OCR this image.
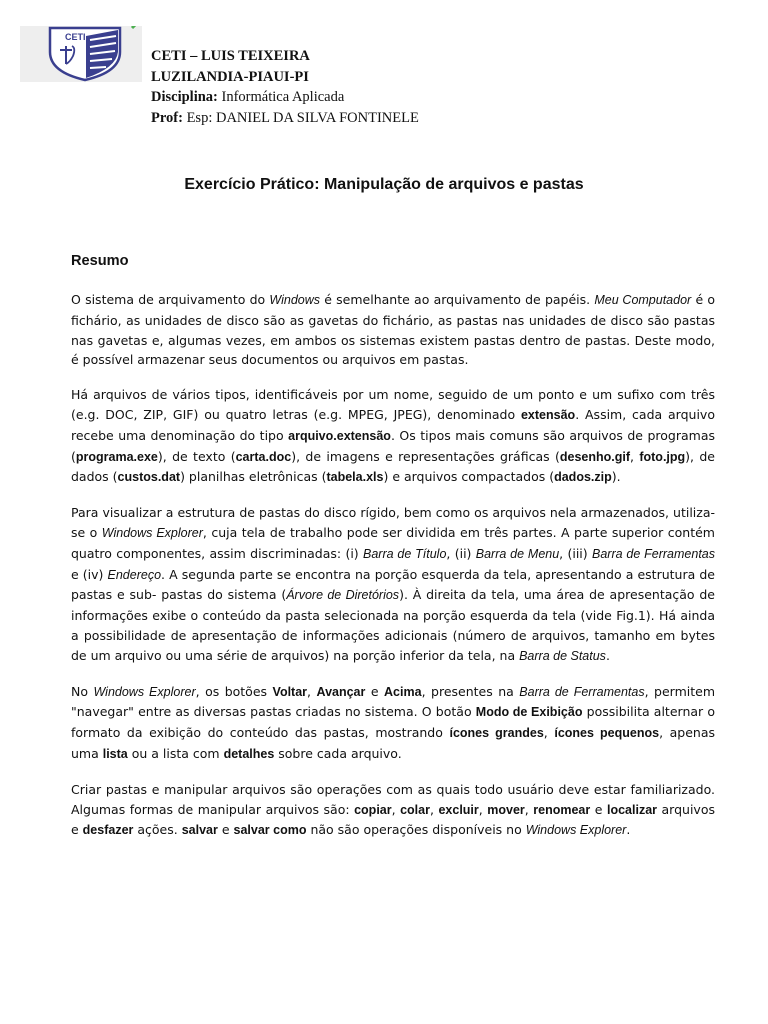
CETI
CETI – LUIS TEIXEIRA
LUZILANDIA-PIAUI-PI
Disciplina: Informática Aplicada
Prof: Esp: DANIEL DA SILVA FONTINELE
Exercício Prático: Manipulação de arquivos e pastas
Resumo

O sistema de arquivamento do Windows é semelhante ao arquivamento de papéis. Meu Computador é o fichário, as unidades de disco são as gavetas do fichário, as pastas nas unidades de disco são pastas nas gavetas e, algumas vezes, em ambos os sistemas existem pastas dentro de pastas. Deste modo, é possível armazenar seus documentos ou arquivos em pastas.

Há arquivos de vários tipos, identificáveis por um nome, seguido de um ponto e um sufixo com três (e.g. DOC, ZIP, GIF) ou quatro letras (e.g. MPEG, JPEG), denominado extensão. Assim, cada arquivo recebe uma denominação do tipo arquivo.extensão. Os tipos mais comuns são arquivos de programas (programa.exe), de texto (carta.doc), de imagens e representações gráficas (desenho.gif, foto.jpg), de dados (custos.dat) planilhas eletrônicas (tabela.xls) e arquivos compactados (dados.zip).

Para visualizar a estrutura de pastas do disco rígido, bem como os arquivos nela armazenados, utiliza-se o Windows Explorer, cuja tela de trabalho pode ser dividida em três partes. A parte superior contém quatro componentes, assim discriminadas: (i) Barra de Título, (ii) Barra de Menu, (iii) Barra de Ferramentas e (iv) Endereço. A segunda parte se encontra na porção esquerda da tela, apresentando a estrutura de pastas e sub- pastas do sistema (Árvore de Diretórios). À direita da tela, uma área de apresentação de informações exibe o conteúdo da pasta selecionada na porção esquerda da tela (vide Fig.1). Há ainda a possibilidade de apresentação de informações adicionais (número de arquivos, tamanho em bytes de um arquivo ou uma série de arquivos) na porção inferior da tela, na Barra de Status.

No Windows Explorer, os botões Voltar, Avançar e Acima, presentes na Barra de Ferramentas, permitem "navegar" entre as diversas pastas criadas no sistema. O botão Modo de Exibição possibilita alternar o formato da exibição do conteúdo das pastas, mostrando ícones grandes, ícones pequenos, apenas uma lista ou a lista com detalhes sobre cada arquivo.

Criar pastas e manipular arquivos são operações com as quais todo usuário deve estar familiarizado. Algumas formas de manipular arquivos são: copiar, colar, excluir, mover, renomear e localizar arquivos e desfazer ações. salvar e salvar como não são operações disponíveis no Windows Explorer.
